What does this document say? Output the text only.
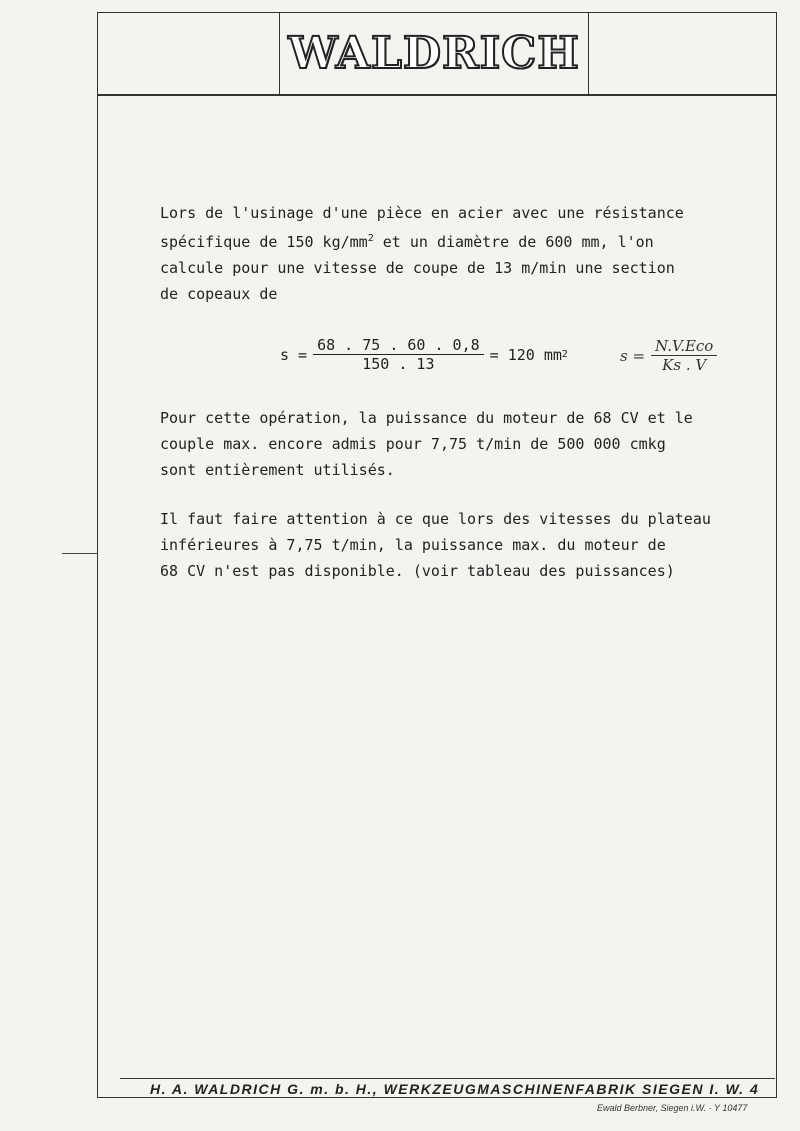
WALDRICH
Lors de l'usinage d'une pièce en acier avec une résistance
spécifique de 150 $kg/mm^2$ et un diamètre de 600 mm, l'on
calcule pour une vitesse de coupe de 13 m/min une section
de copeaux de
$s = \frac{68 . 75 . 60 . 0,8}{150 . 13} = 120$ mm 2	$s = \frac{\text{N.V.Eco}}{Ks . V}$
Pour cette opération, la puissance du moteur de 68 CV et le
couple max. encore admis pour 7,75 t/min de 500 000 cmkg
sont entièrement utilisés.
Il faut faire attention à ce que lors des vitesses du plateau
inférieures à 7,75 t/min, la puissance max. du moteur de
68 CV n'est pas disponible. (voir tableau des puissances)
H. A. WALDRICH G. m. b. H., WERKZEUGMASCHINENFABRIK SIEGEN I. W. 4
Ewald Berbner, Siegen i.W. · Y 10477
